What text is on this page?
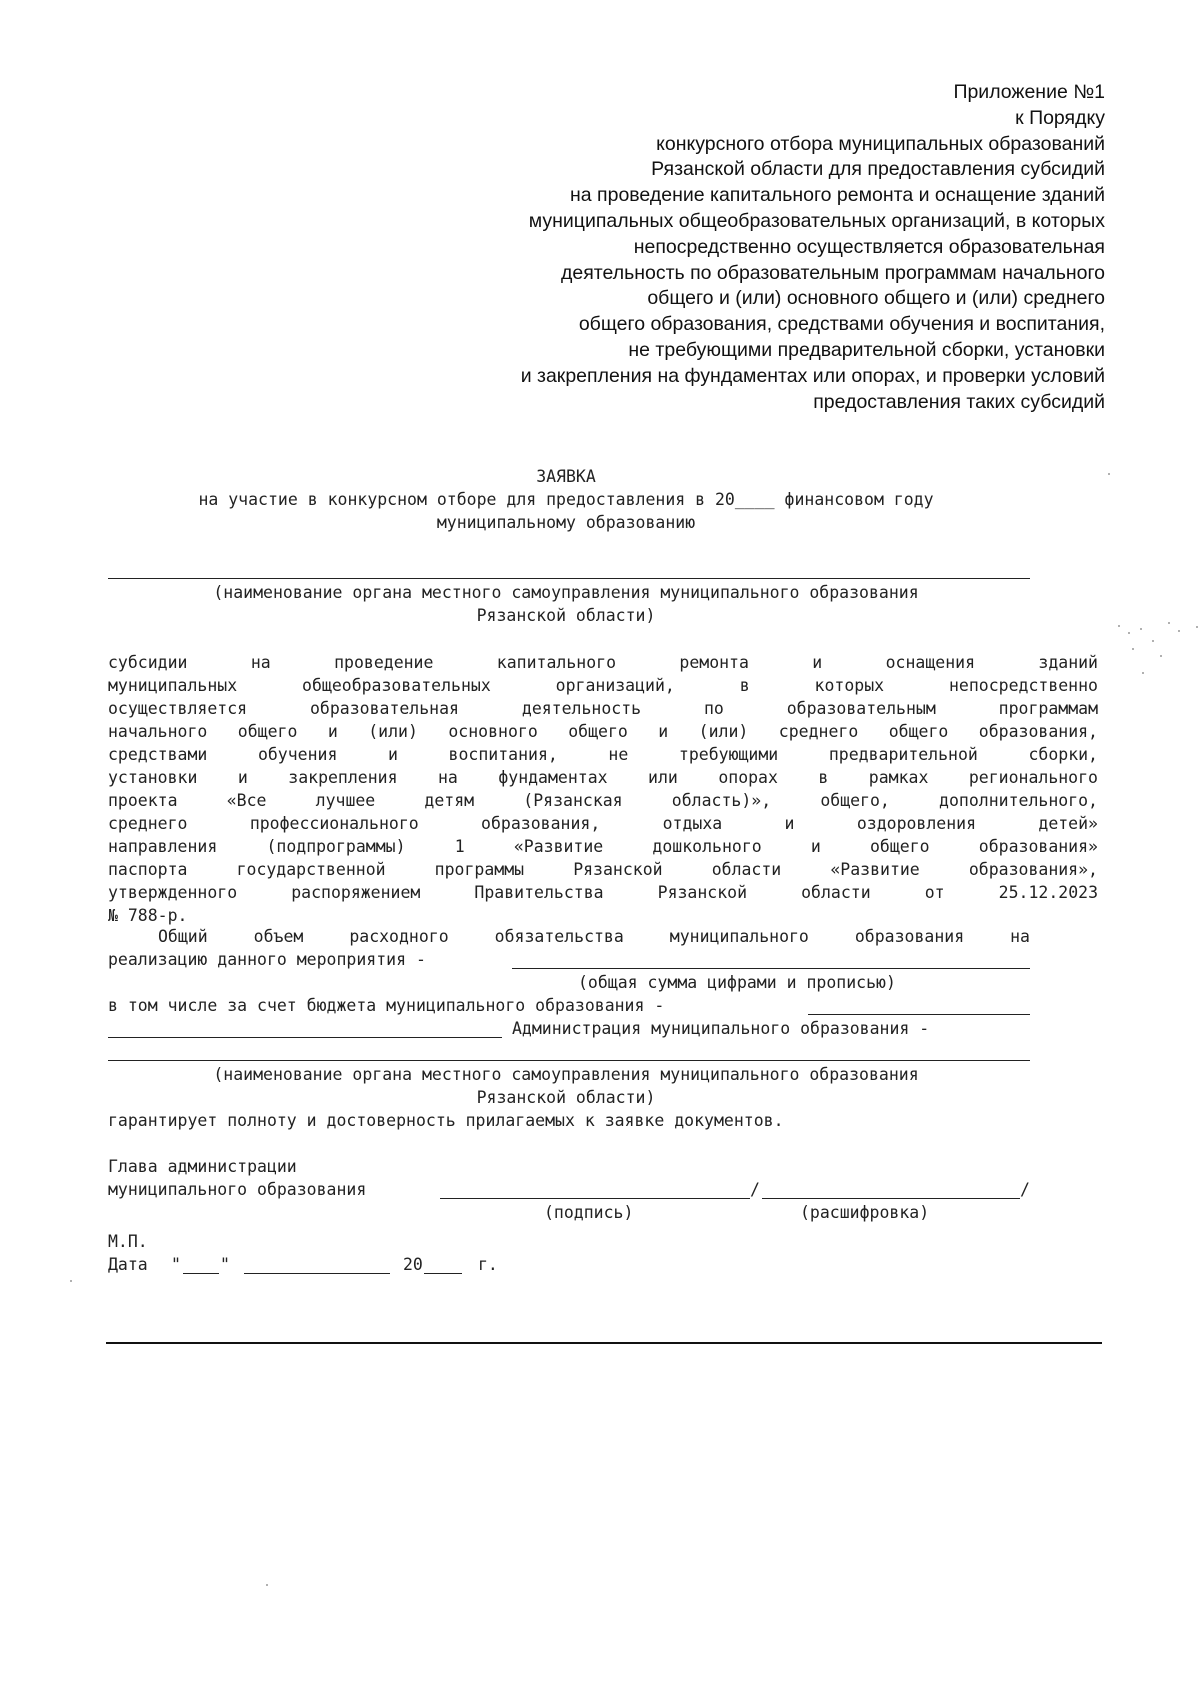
Приложение №1
к Порядку
конкурсного отбора муниципальных образований
Рязанской области для предоставления субсидий
на проведение капитального ремонта и оснащение зданий
муниципальных общеобразовательных организаций, в которых
непосредственно осуществляется образовательная
деятельность по образовательным программам начального
общего и (или) основного общего и (или) среднего
общего образования, средствами обучения и воспитания,
не требующими предварительной сборки, установки
и закрепления на фундаментах или опорах, и проверки условий
предоставления таких субсидий
ЗАЯВКА
на участие в конкурсном отборе для предоставления в 20____ финансовом году
муниципальному образованию
(наименование органа местного самоуправления муниципального образования
Рязанской области)
субсидии на проведение капитального ремонта и оснащения зданий
муниципальных общеобразовательных организаций, в которых непосредственно
осуществляется образовательная деятельность по образовательным программам
начального общего и (или) основного общего и (или) среднего общего образования,
средствами обучения и воспитания, не требующими предварительной сборки,
установки и закрепления на фундаментах или опорах в рамках регионального
проекта «Все лучшее детям (Рязанская область)», общего, дополнительного,
среднего профессионального образования, отдыха и оздоровления детей»
направления (подпрограммы) 1 «Развитие дошкольного и общего образования»
паспорта государственной программы Рязанской области «Развитие образования»,
утвержденного распоряжением Правительства Рязанской области от 25.12.2023
№ 788-р.
Общий объем расходного обязательства муниципального образования на
реализацию данного мероприятия -
(общая сумма цифрами и прописью)
в том числе за счет бюджета муниципального образования -
Администрация муниципального образования -
(наименование органа местного самоуправления муниципального образования
Рязанской области)
гарантирует полноту и достоверность прилагаемых к заявке документов.
Глава администрации
муниципального образования	/	/
(подпись)	(расшифровка)
М.П.
Дата " "	20	г.
